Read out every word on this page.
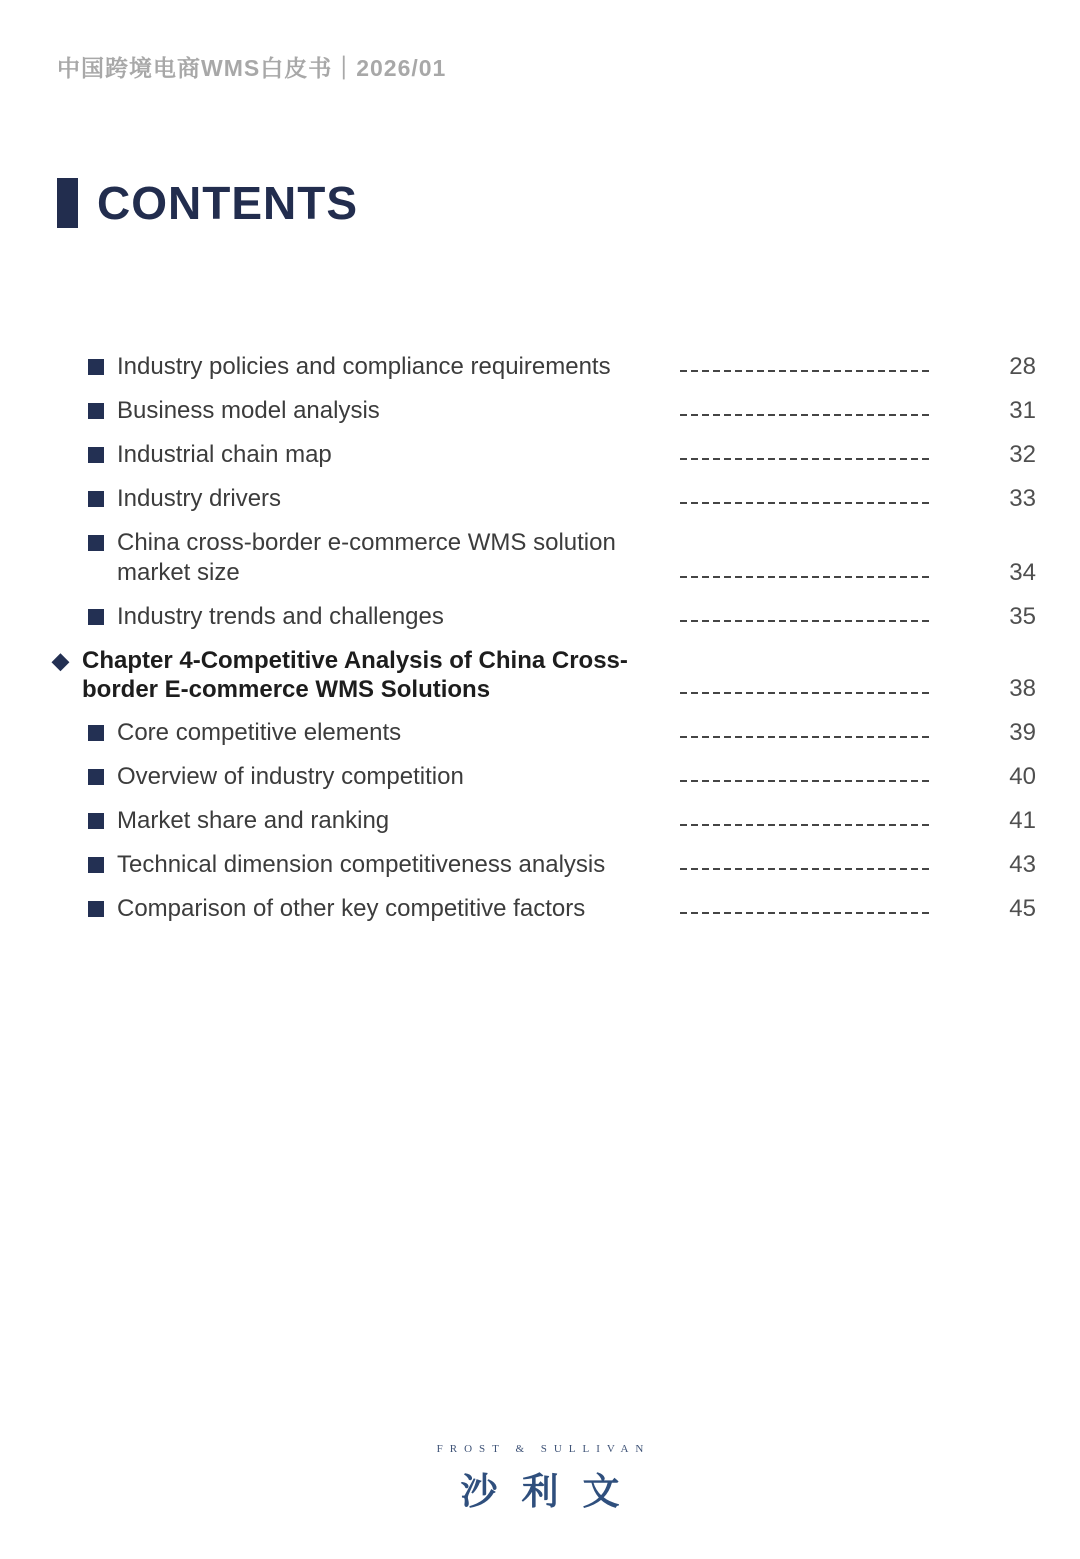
中国跨境电商WMS白皮书｜2026/01
CONTENTS
Industry policies and compliance requirements	28
Business model analysis	31
Industrial chain map	32
Industry drivers	33
China cross-border e-commerce WMS solution
market size	34
Industry trends and challenges	35
◆ Chapter 4-Competitive Analysis of China Cross-
border E-commerce WMS Solutions	38
Core competitive elements	39
Overview of industry competition	40
Market share and ranking	41
Technical dimension competitiveness analysis	43
Comparison of other key competitive factors	45
FROST & SULLIVAN
沙利文
